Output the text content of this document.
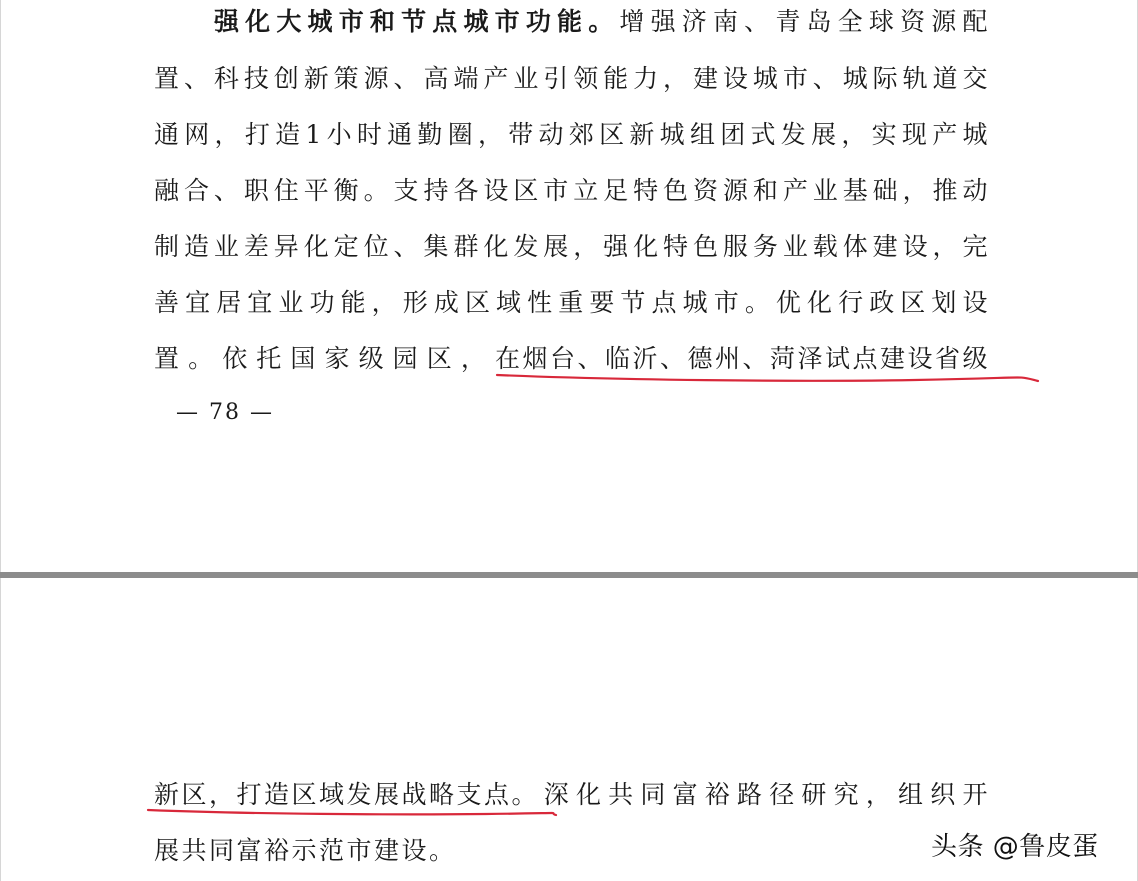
强化大城市和节点城市功能。增强济南、青岛全球资源配
置、科技创新策源、高端产业引领能力，建设城市、城际轨道交
通网，打造1小时通勤圈，带动郊区新城组团式发展，实现产城
融合、职住平衡。支持各设区市立足特色资源和产业基础，推动
制造业差异化定位、集群化发展，强化特色服务业载体建设，完
善宜居宜业功能，形成区域性重要节点城市。优化行政区划设
置。依托国家级园区，在烟台、临沂、德州、菏泽试点建设省级
— 78 —
新区，打造区域发展战略支点。
深化共同富裕路径研究，组织开
展共同富裕示范市建设。	头条 @鲁皮蛋
